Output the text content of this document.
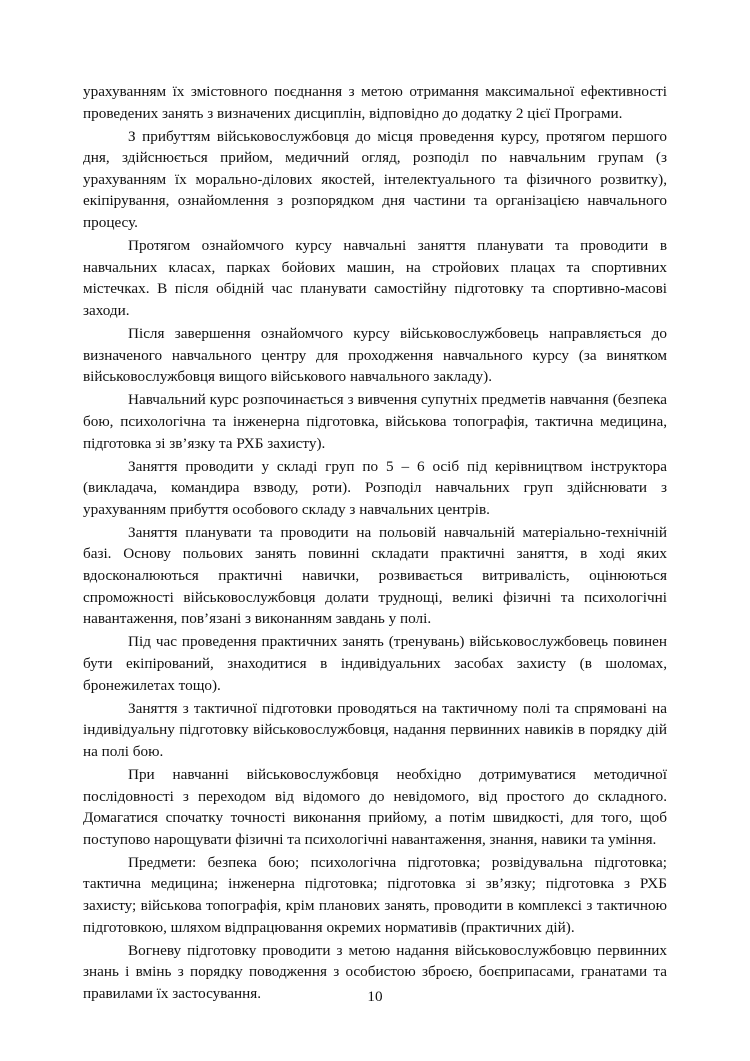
урахуванням їх змістовного поєднання з метою отримання максимальної ефективності проведених занять з визначених дисциплін, відповідно до додатку 2 цієї Програми.

З прибуттям військовослужбовця до місця проведення курсу, протягом першого дня, здійснюється прийом, медичний огляд, розподіл по навчальним групам (з урахуванням їх морально-ділових якостей, інтелектуального та фізичного розвитку), екіпірування, ознайомлення з розпорядком дня частини та організацією навчального процесу.

Протягом ознайомчого курсу навчальні заняття планувати та проводити в навчальних класах, парках бойових машин, на стройових плацах та спортивних містечках. В після обідній час планувати самостійну підготовку та спортивно-масові заходи.

Після завершення ознайомчого курсу військовослужбовець направляється до визначеного навчального центру для проходження навчального курсу (за винятком військовослужбовця вищого військового навчального закладу).

Навчальний курс розпочинається з вивчення супутніх предметів навчання (безпека бою, психологічна та інженерна підготовка, військова топографія, тактична медицина, підготовка зі зв’язку та РХБ захисту).

Заняття проводити у складі груп по 5 – 6 осіб під керівництвом інструктора (викладача, командира взводу, роти). Розподіл навчальних груп здійснювати з урахуванням прибуття особового складу з навчальних центрів.

Заняття планувати та проводити на польовій навчальній матеріально-технічній базі. Основу польових занять повинні складати практичні заняття, в ході яких вдосконалюються практичні навички, розвивається витривалість, оцінюються спроможності військовослужбовця долати труднощі, великі фізичні та психологічні навантаження, пов’язані з виконанням завдань у полі.

Під час проведення практичних занять (тренувань) військовослужбовець повинен бути екіпірований, знаходитися в індивідуальних засобах захисту (в шоломах, бронежилетах тощо).

Заняття з тактичної підготовки проводяться на тактичному полі та спрямовані на індивідуальну підготовку військовослужбовця, надання первинних навиків в порядку дій на полі бою.

При навчанні військовослужбовця необхідно дотримуватися методичної послідовності з переходом від відомого до невідомого, від простого до складного. Домагатися спочатку точності виконання прийому, а потім швидкості, для того, щоб поступово нарощувати фізичні та психологічні навантаження, знання, навики та уміння.

Предмети: безпека бою; психологічна підготовка; розвідувальна підготовка; тактична медицина; інженерна підготовка; підготовка зі зв’язку; підготовка з РХБ захисту; військова топографія, крім планових занять, проводити в комплексі з тактичною підготовкою, шляхом відпрацювання окремих нормативів (практичних дій).

Вогневу підготовку проводити з метою надання військовослужбовцю первинних знань і вмінь з порядку поводження з особистою зброєю, боєприпасами, гранатами та правилами їх застосування.	10
